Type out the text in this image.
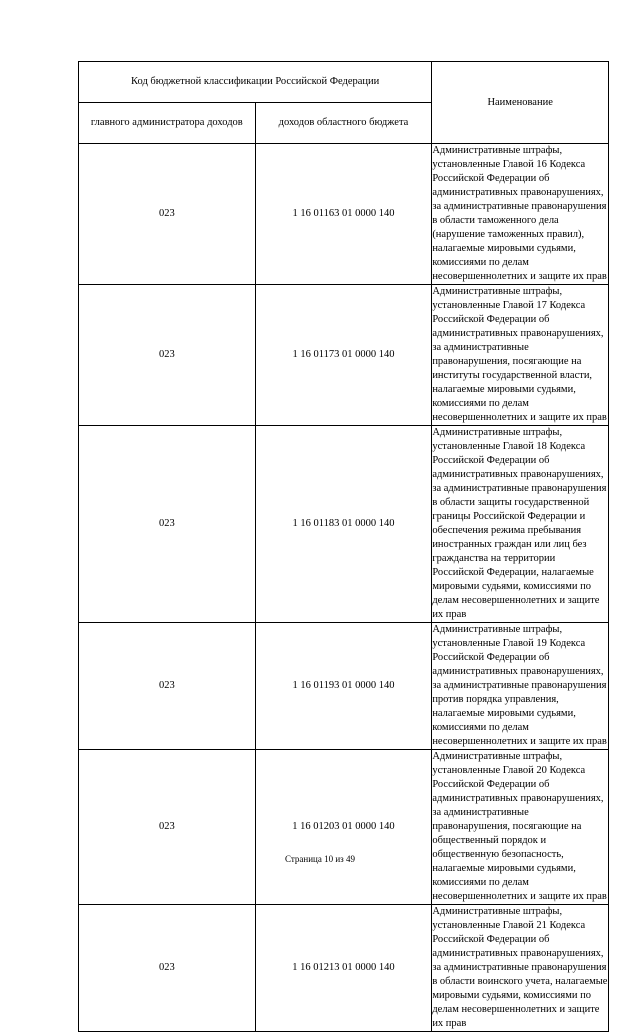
Код бюджетной классификации Российской Федерации		Наименование
главного администратора доходов	доходов областного бюджета	
023	1 16 01163 01 0000 140	Административные штрафы, установленные Главой 16 Кодекса Российской Федерации об административных правонарушениях, за административные правонарушения в области таможенного дела (нарушение таможенных правил), налагаемые мировыми судьями, комиссиями по делам несовершеннолетних и защите их прав
023	1 16 01173 01 0000 140	Административные штрафы, установленные Главой 17 Кодекса Российской Федерации об административных правонарушениях, за административные правонарушения, посягающие на институты государственной власти, налагаемые мировыми судьями, комиссиями по делам несовершеннолетних и защите их прав
023	1 16 01183 01 0000 140	Административные штрафы, установленные Главой 18 Кодекса Российской Федерации об административных правонарушениях, за административные правонарушения в области защиты государственной границы Российской Федерации и обеспечения режима пребывания иностранных граждан или лиц без гражданства на территории Российской Федерации, налагаемые мировыми судьями, комиссиями по делам несовершеннолетних и защите их прав
023	1 16 01193 01 0000 140	Административные штрафы, установленные Главой 19 Кодекса Российской Федерации об административных правонарушениях, за административные правонарушения против порядка управления, налагаемые мировыми судьями, комиссиями по делам несовершеннолетних и защите их прав
023	1 16 01203 01 0000 140	Административные штрафы, установленные Главой 20 Кодекса Российской Федерации об административных правонарушениях, за административные правонарушения, посягающие на общественный порядок и общественную безопасность, налагаемые мировыми судьями, комиссиями по делам несовершеннолетних и защите их прав
023	1 16 01213 01 0000 140	Административные штрафы, установленные Главой 21 Кодекса Российской Федерации об административных правонарушениях, за административные правонарушения в области воинского учета, налагаемые мировыми судьями, комиссиями по делам несовершеннолетних и защите их прав
Страница 10 из 49
